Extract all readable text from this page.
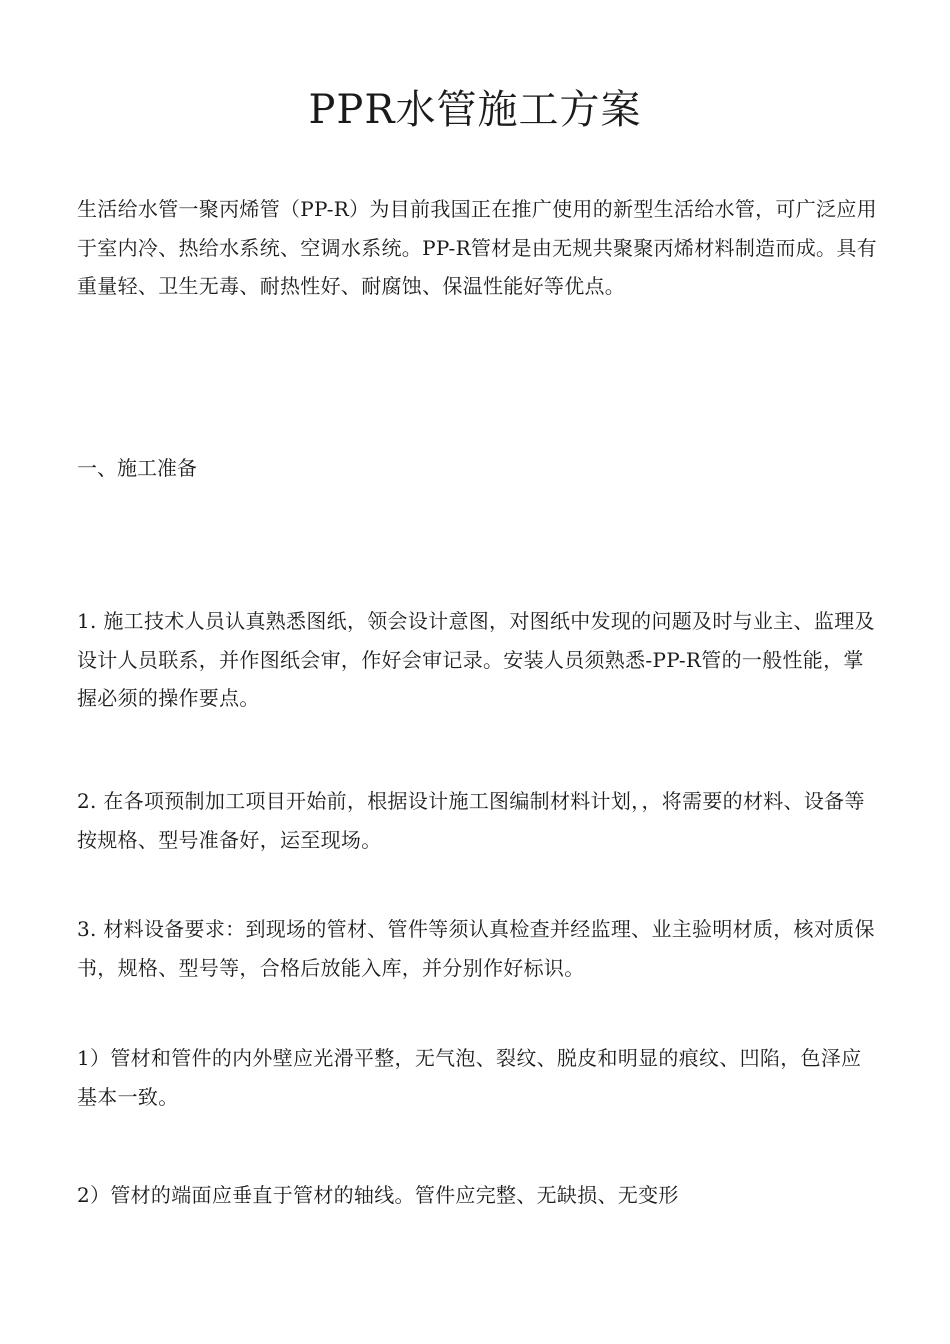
PPR水管施工方案

生活给水管一聚丙烯管（PP-R）为目前我国正在推广使用的新型生活给水管，可广泛应用于室内冷、热给水系统、空调水系统。PP-R管材是由无规共聚聚丙烯材料制造而成。具有重量轻、卫生无毒、耐热性好、耐腐蚀、保温性能好等优点。

一、施工准备

1. 施工技术人员认真熟悉图纸，领会设计意图，对图纸中发现的问题及时与业主、监理及设计人员联系，并作图纸会审，作好会审记录。安装人员须熟悉-PP-R管的一般性能，掌握必须的操作要点。

2. 在各项预制加工项目开始前，根据设计施工图编制材料计划，，将需要的材料、设备等按规格、型号准备好，运至现场。

3. 材料设备要求：到现场的管材、管件等须认真检查并经监理、业主验明材质，核对质保书，规格、型号等，合格后放能入库，并分别作好标识。

1）管材和管件的内外壁应光滑平整，无气泡、裂纹、脱皮和明显的痕纹、凹陷，色泽应基本一致。

2）管材的端面应垂直于管材的轴线。管件应完整、无缺损、无变形
